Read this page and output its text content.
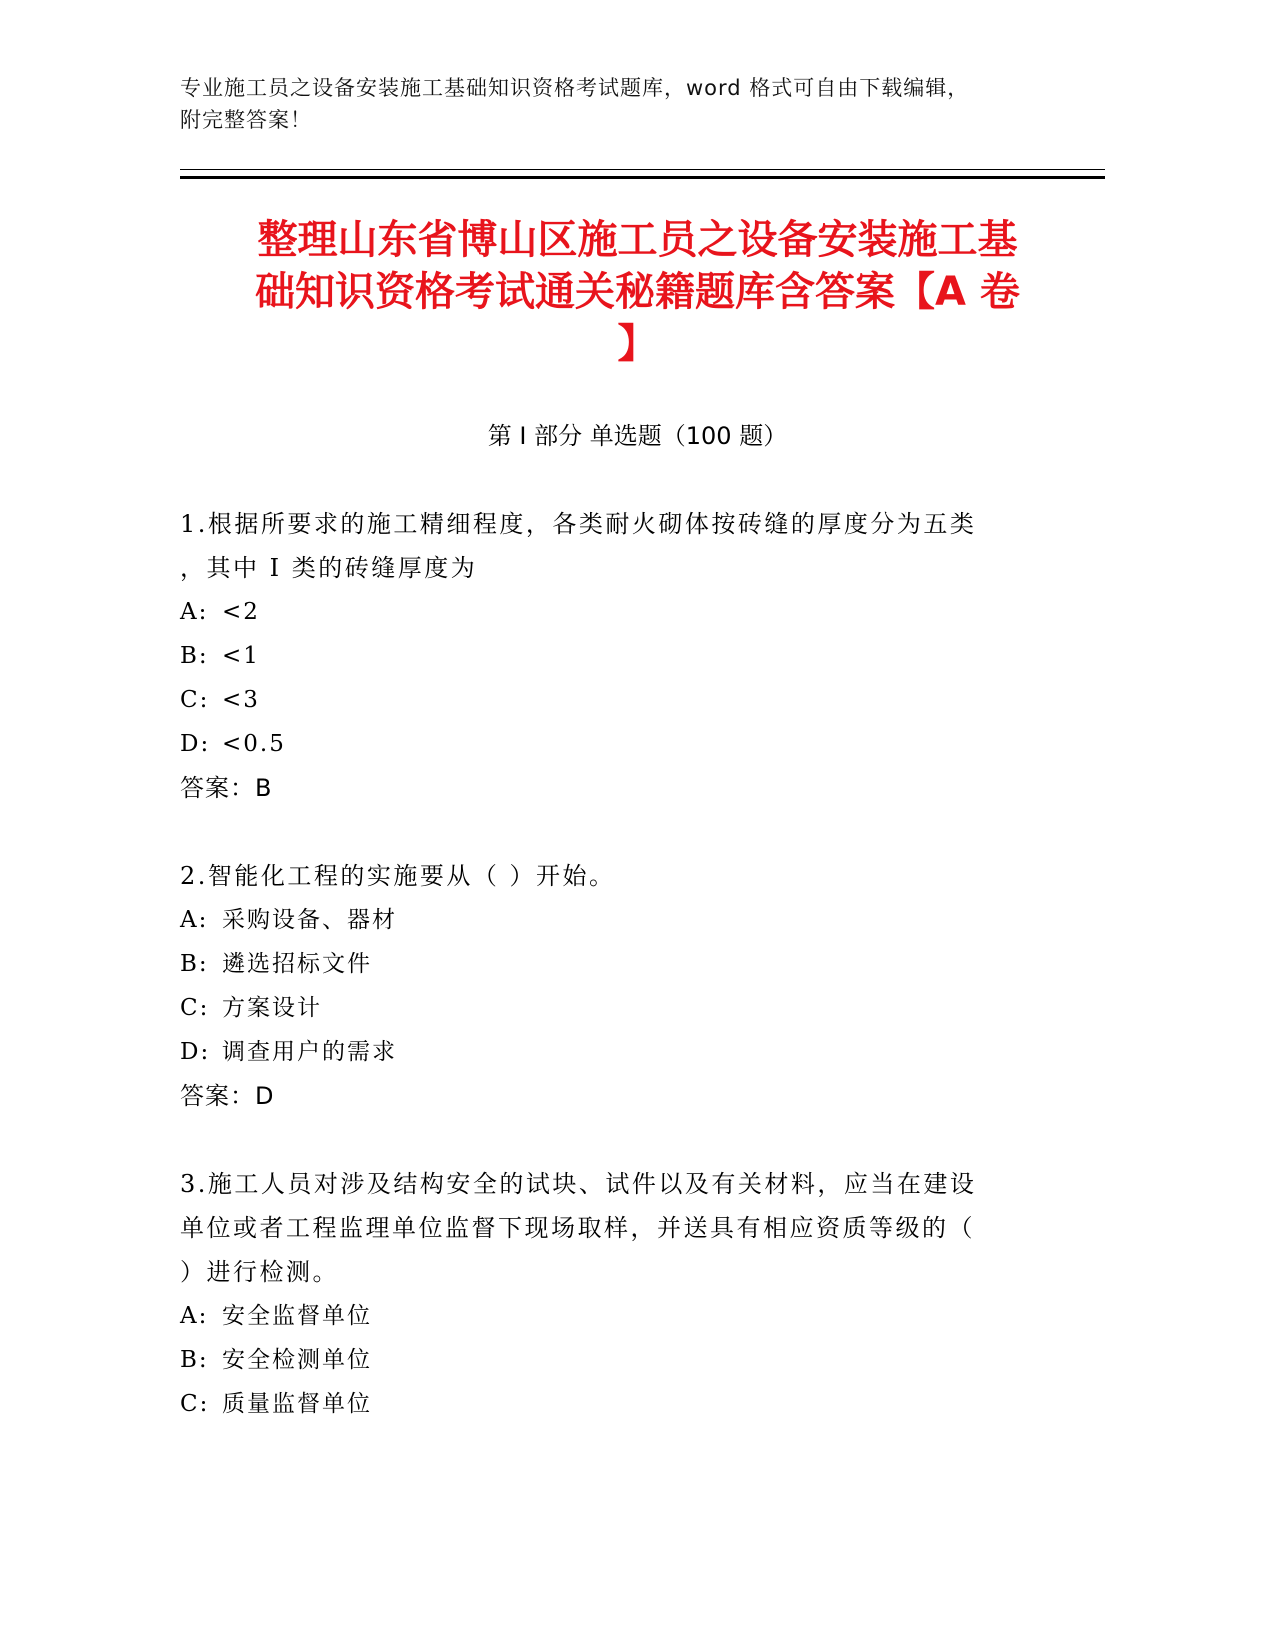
专业施工员之设备安装施工基础知识资格考试题库，word 格式可自由下载编辑，
附完整答案！
整理山东省博山区施工员之设备安装施工基
础知识资格考试通关秘籍题库含答案【A 卷
】
第 I 部分 单选题（100 题）
1.根据所要求的施工精细程度，各类耐火砌体按砖缝的厚度分为五类
，其中 I 类的砖缝厚度为
A: <2
B: <1
C: <3
D: <0.5
答案：B
2.智能化工程的实施要从（ ）开始。
A: 采购设备、器材
B: 遴选招标文件
C: 方案设计
D: 调查用户的需求
答案：D
3.施工人员对涉及结构安全的试块、试件以及有关材料，应当在建设
单位或者工程监理单位监督下现场取样，并送具有相应资质等级的（
）进行检测。
A: 安全监督单位
B: 安全检测单位
C: 质量监督单位
